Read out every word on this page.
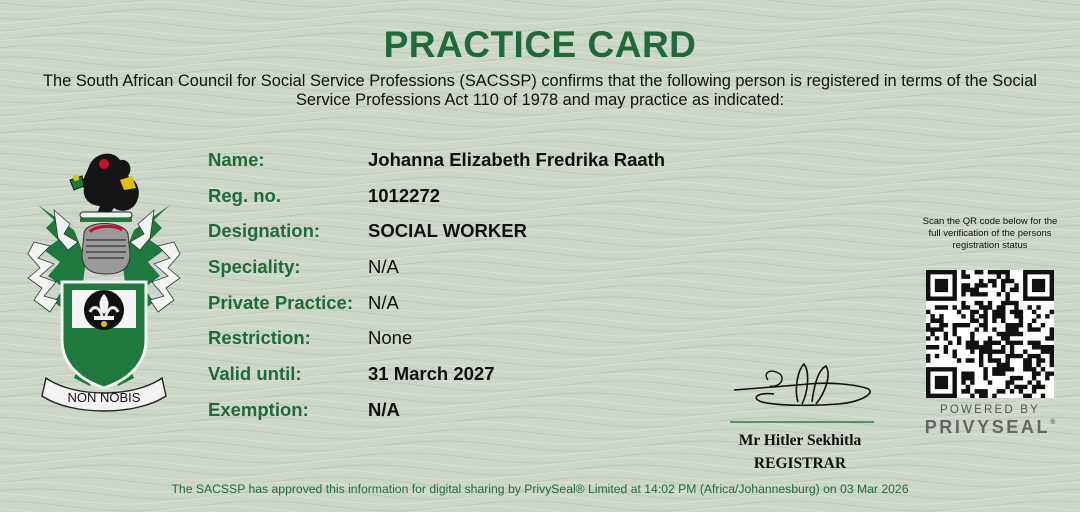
PRACTICE CARD
The South African Council for Social Service Professions (SACSSP) confirms that the following person is registered in terms of the Social Service Professions Act 110 of 1978 and may practice as indicated:
NON NOBIS
Name:	Johanna Elizabeth Fredrika Raath
Reg. no.	1012272
Designation:	SOCIAL WORKER
Speciality:	N/A
Private Practice: N/A
Restriction:	None
Valid until:	31 March 2027
Exemption:	N/A
Mr Hitler Sekhitla
REGISTRAR
Scan the QR code below for the full verification of the persons registration status
POWERED BY
PRIVYSEAL®
The SACSSP has approved this information for digital sharing by PrivySeal® Limited at 14:02 PM (Africa/Johannesburg) on 03 Mar 2026
